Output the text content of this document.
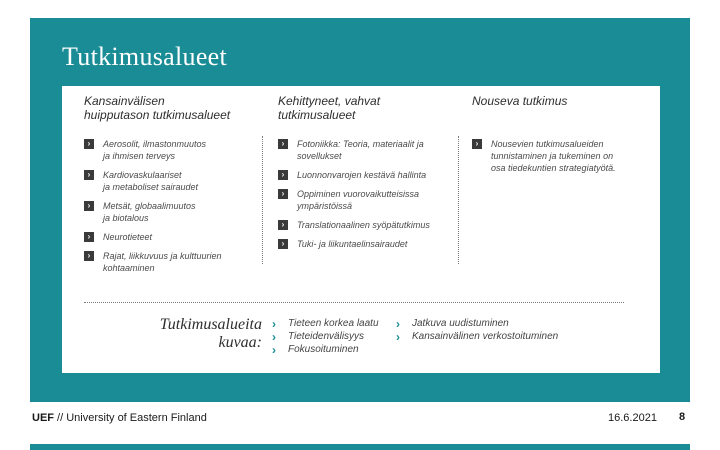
Tutkimusalueet
Kansainvälisen
huipputason tutkimusalueet
›	Aerosolit, ilmastonmuutos
ja ihmisen terveys
›	Kardiovaskulaariset
ja metaboliset sairaudet
›	Metsät, globaalimuutos
ja biotalous
›	Neurotieteet
›	Rajat, liikkuvuus ja kulttuurien
kohtaaminen
Kehittyneet, vahvat
tutkimusalueet
›	Fotoniikka: Teoria, materiaalit ja
sovellukset
›	Luonnonvarojen kestävä hallinta
›	Oppiminen vuorovaikutteisissa
ympäristöissä
›	Translationaalinen syöpätutkimus
›	Tuki- ja liikuntaelinsairaudet
Nouseva tutkimus
›	Nousevien tutkimusalueiden
tunnistaminen ja tukeminen on
osa tiedekuntien strategiatyötä.
Tutkimusalueita
kuvaa:
›	Tieteen korkea laatu
›	Tieteidenvälisyys
›	Fokusoituminen
›	Jatkuva uudistuminen
›	Kansainvälinen verkostoituminen
UEF // University of Eastern Finland	16.6.2021 8
